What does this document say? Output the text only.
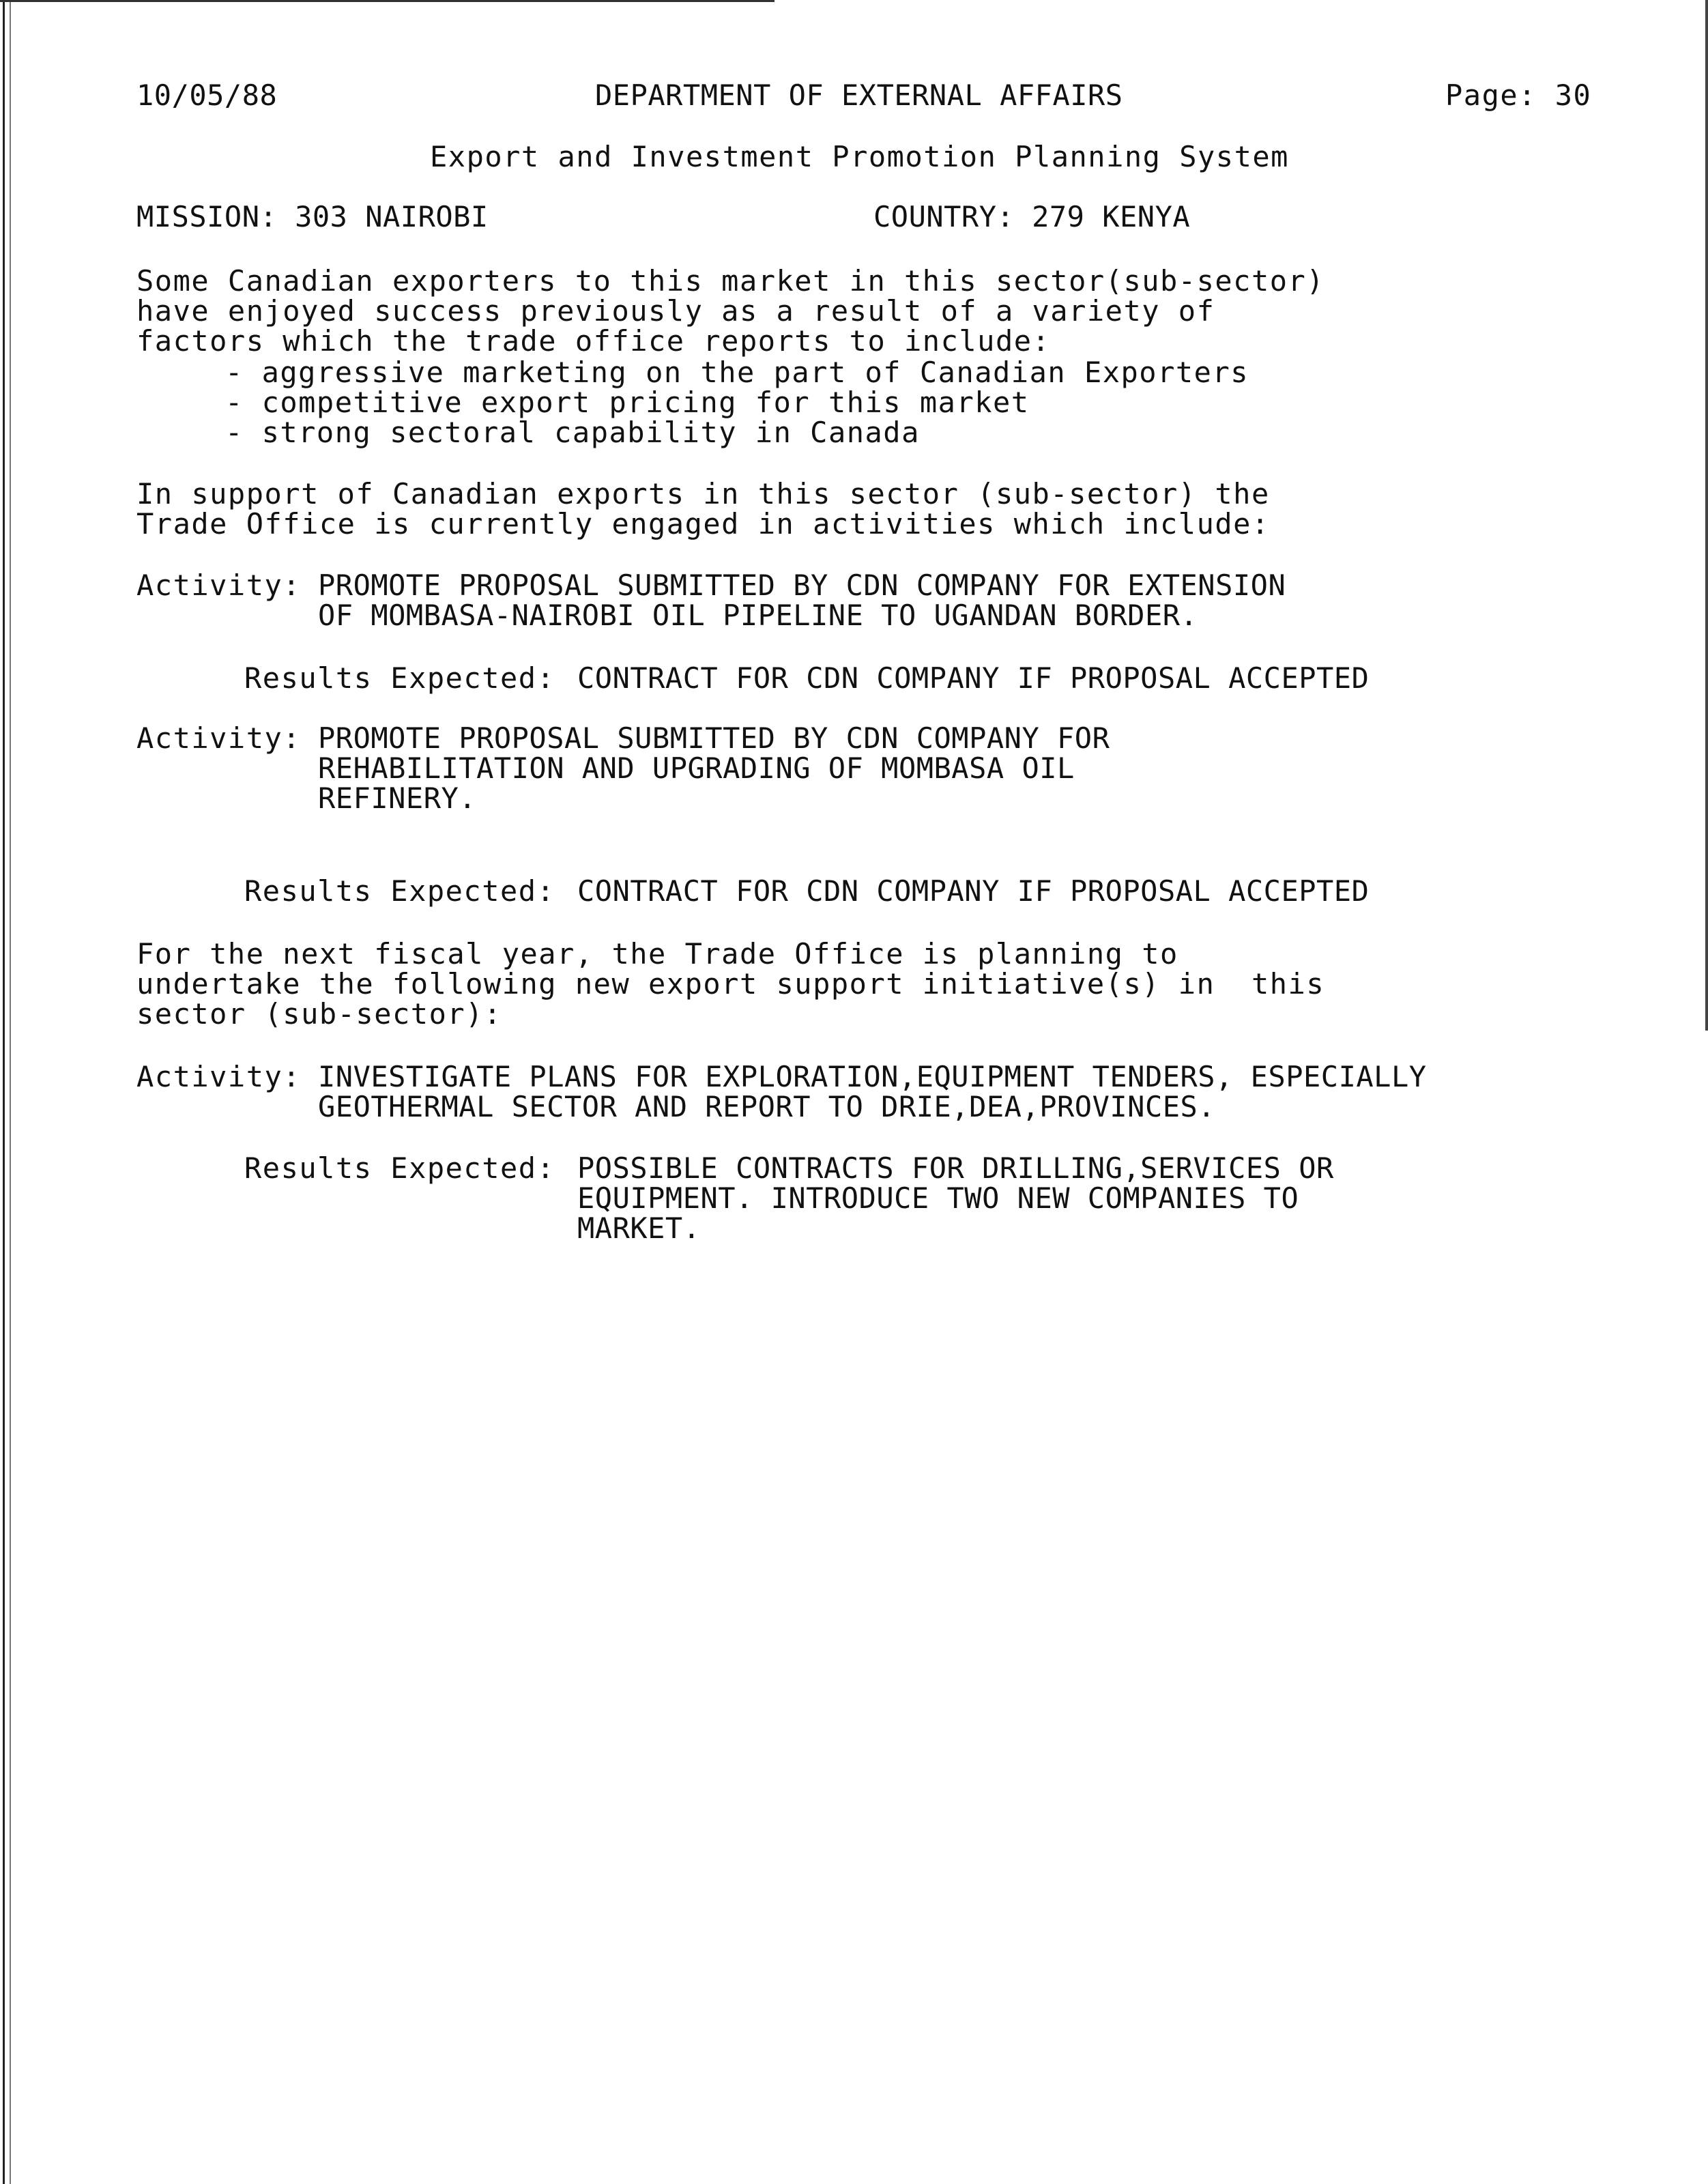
10/05/88	DEPARTMENT OF EXTERNAL AFFAIRS	Page: 30
Export and Investment Promotion Planning System
MISSION: 303 NAIROBI	COUNTRY: 279 KENYA
Some Canadian exporters to this market in this sector(sub-sector)
have enjoyed success previously as a result of a variety of
factors which the trade office reports to include:
- aggressive marketing on the part of Canadian Exporters
- competitive export pricing for this market
- strong sectoral capability in Canada
In support of Canadian exports in this sector (sub-sector) the
Trade Office is currently engaged in activities which include:
Activity: PROMOTE PROPOSAL SUBMITTED BY CDN COMPANY FOR EXTENSION
OF MOMBASA-NAIROBI OIL PIPELINE TO UGANDAN BORDER.
Results Expected: CONTRACT FOR CDN COMPANY IF PROPOSAL ACCEPTED
Activity: PROMOTE PROPOSAL SUBMITTED BY CDN COMPANY FOR
REHABILITATION AND UPGRADING OF MOMBASA OIL
REFINERY.
Results Expected: CONTRACT FOR CDN COMPANY IF PROPOSAL ACCEPTED
For the next fiscal year, the Trade Office is planning to
undertake the following new export support initiative(s) in  this
sector (sub-sector):
Activity: INVESTIGATE PLANS FOR EXPLORATION,EQUIPMENT TENDERS, ESPECIALLY
GEOTHERMAL SECTOR AND REPORT TO DRIE,DEA,PROVINCES.
Results Expected: POSSIBLE CONTRACTS FOR DRILLING,SERVICES OR
EQUIPMENT. INTRODUCE TWO NEW COMPANIES TO
MARKET.
